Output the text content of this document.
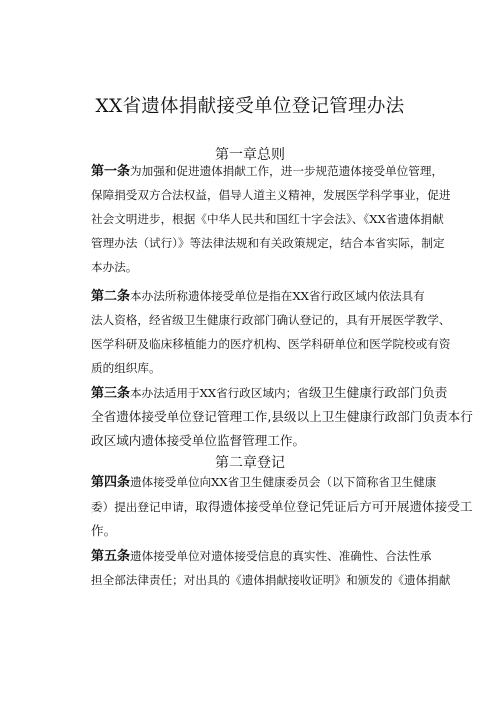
XX省遗体捐献接受单位登记管理办法
第一章总则
第一条为加强和促进遗体捐献工作，进一步规范遗体接受单位管理，
保障捐受双方合法权益，倡导人道主义精神，发展医学科学事业，促进
社会文明进步，根据《中华人民共和国红十字会法》、《XX省遗体捐献
管理办法（试行）》等法律法规和有关政策规定，结合本省实际，制定
本办法。
第二条本办法所称遗体接受单位是指在XX省行政区域内依法具有
法人资格，经省级卫生健康行政部门确认登记的，具有开展医学教学、
医学科研及临床移植能力的医疗机构、医学科研单位和医学院校或有资
质的组织库。
第三条本办法适用于XX省行政区域内；省级卫生健康行政部门负责
全省遗体接受单位登记管理工作,县级以上卫生健康行政部门负责本行
政区域内遗体接受单位监督管理工作。
第二章登记
第四条遗体接受单位向XX省卫生健康委员会（以下简称省卫生健康
委）提出登记申请，取得遗体接受单位登记凭证后方可开展遗体接受工
作。
第五条遗体接受单位对遗体接受信息的真实性、准确性、合法性承
担全部法律责任；对出具的《遗体捐献接收证明》和颁发的《遗体捐献
